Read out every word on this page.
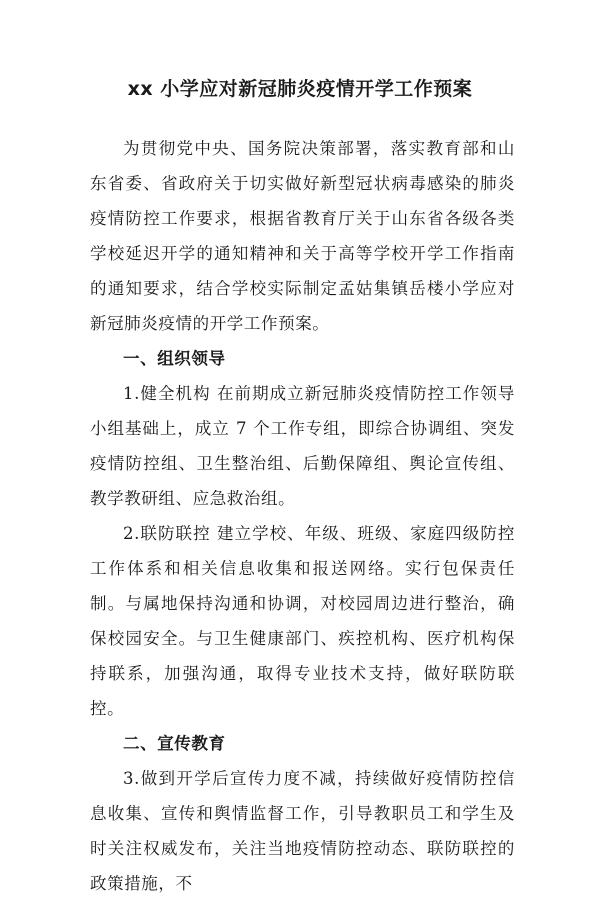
xx 小学应对新冠肺炎疫情开学工作预案

为贯彻党中央、国务院决策部署，落实教育部和山东省委、省政府关于切实做好新型冠状病毒感染的肺炎疫情防控工作要求，根据省教育厅关于山东省各级各类学校延迟开学的通知精神和关于高等学校开学工作指南的通知要求，结合学校实际制定孟姑集镇岳楼小学应对新冠肺炎疫情的开学工作预案。

一、组织领导

1.健全机构 在前期成立新冠肺炎疫情防控工作领导小组基础上，成立 7 个工作专组，即综合协调组、突发疫情防控组、卫生整治组、后勤保障组、舆论宣传组、教学教研组、应急救治组。

2.联防联控 建立学校、年级、班级、家庭四级防控工作体系和相关信息收集和报送网络。实行包保责任制。与属地保持沟通和协调，对校园周边进行整治，确保校园安全。与卫生健康部门、疾控机构、医疗机构保持联系，加强沟通，取得专业技术支持，做好联防联控。

二、宣传教育

3.做到开学后宣传力度不减，持续做好疫情防控信息收集、宣传和舆情监督工作，引导教职员工和学生及时关注权威发布，关注当地疫情防控动态、联防联控的政策措施，不
